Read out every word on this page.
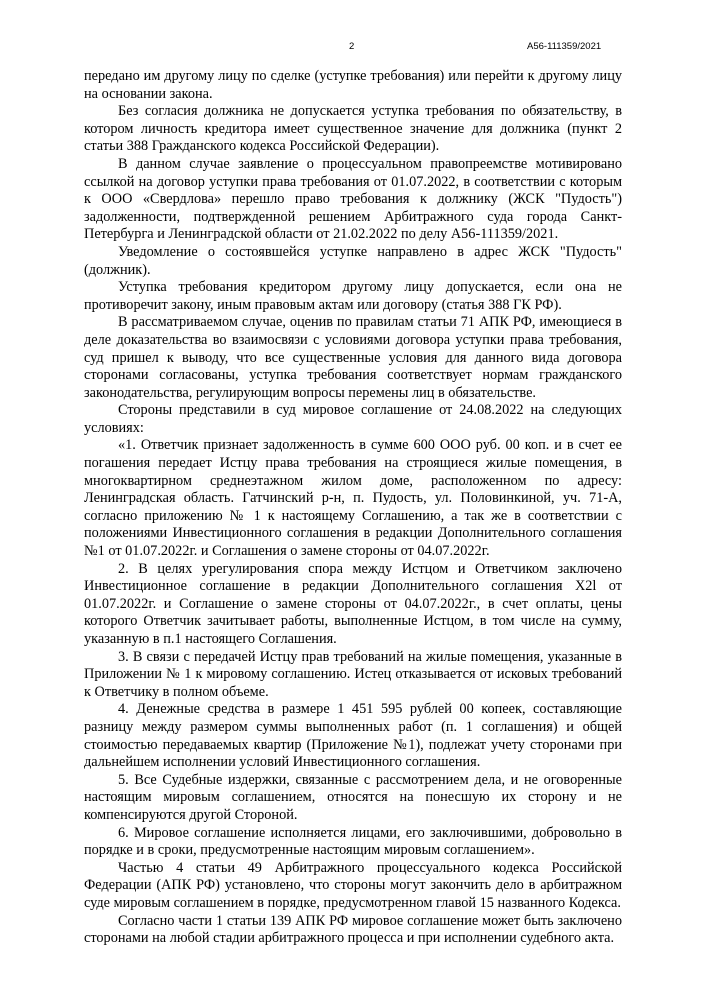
2	А56-111359/2021

передано им другому лицу по сделке (уступке требования) или перейти к другому лицу на основании закона.

Без согласия должника не допускается уступка требования по обязательству, в котором личность кредитора имеет существенное значение для должника (пункт 2 статьи 388 Гражданского кодекса Российской Федерации).

В данном случае заявление о процессуальном правопреемстве мотивировано ссылкой на договор уступки права требования от 01.07.2022, в соответствии с которым к ООО «Свердлова» перешло право требования к должнику (ЖСК "Пудость") задолженности, подтвержденной решением Арбитражного суда города Санкт-Петербурга и Ленинградской области от 21.02.2022 по делу А56-111359/2021.

Уведомление о состоявшейся уступке направлено в адрес ЖСК "Пудость" (должник).

Уступка требования кредитором другому лицу допускается, если она не противоречит закону, иным правовым актам или договору (статья 388 ГК РФ).

В рассматриваемом случае, оценив по правилам статьи 71 АПК РФ, имеющиеся в деле доказательства во взаимосвязи с условиями договора уступки права требования, суд пришел к выводу, что все существенные условия для данного вида договора сторонами согласованы, уступка требования соответствует нормам гражданского законодательства, регулирующим вопросы перемены лиц в обязательстве.

Стороны представили в суд мировое соглашение от 24.08.2022 на следующих условиях:

«1. Ответчик признает задолженность в сумме 600 ООО руб. 00 коп. и в счет ее погашения передает Истцу права требования на строящиеся жилые помещения, в многоквартирном среднеэтажном жилом доме, расположенном по адресу: Ленинградская область. Гатчинский р-н, п. Пудость, ул. Половинкиной, уч. 71-А, согласно приложению № 1 к настоящему Соглашению, а так же в соответствии с положениями Инвестиционного соглашения в редакции Дополнительного соглашения №1 от 01.07.2022г. и Соглашения о замене стороны от 04.07.2022г.

2. В целях урегулирования спора между Истцом и Ответчиком заключено Инвестиционное соглашение в редакции Дополнительного соглашения X2l от 01.07.2022г. и Соглашение о замене стороны от 04.07.2022г., в счет оплаты, цены которого Ответчик зачитывает работы, выполненные Истцом, в том числе на сумму, указанную в п.1 настоящего Соглашения.

3. В связи с передачей Истцу прав требований на жилые помещения, указанные в Приложении № 1 к мировому соглашению. Истец отказывается от исковых требований к Ответчику в полном объеме.

4. Денежные средства в размере 1 451 595 рублей 00 копеек, составляющие разницу между размером суммы выполненных работ (п. 1 соглашения) и общей стоимостью передаваемых квартир (Приложение №1), подлежат учету сторонами при дальнейшем исполнении условий Инвестиционного соглашения.

5. Все Судебные издержки, связанные с рассмотрением дела, и не оговоренные настоящим мировым соглашением, относятся на понесшую их сторону и не компенсируются другой Стороной.

6. Мировое соглашение исполняется лицами, его заключившими, добровольно в порядке и в сроки, предусмотренные настоящим мировым соглашением».

Частью 4 статьи 49 Арбитражного процессуального кодекса Российской Федерации (АПК РФ) установлено, что стороны могут закончить дело в арбитражном суде мировым соглашением в порядке, предусмотренном главой 15 названного Кодекса.

Согласно части 1 статьи 139 АПК РФ мировое соглашение может быть заключено сторонами на любой стадии арбитражного процесса и при исполнении судебного акта.
